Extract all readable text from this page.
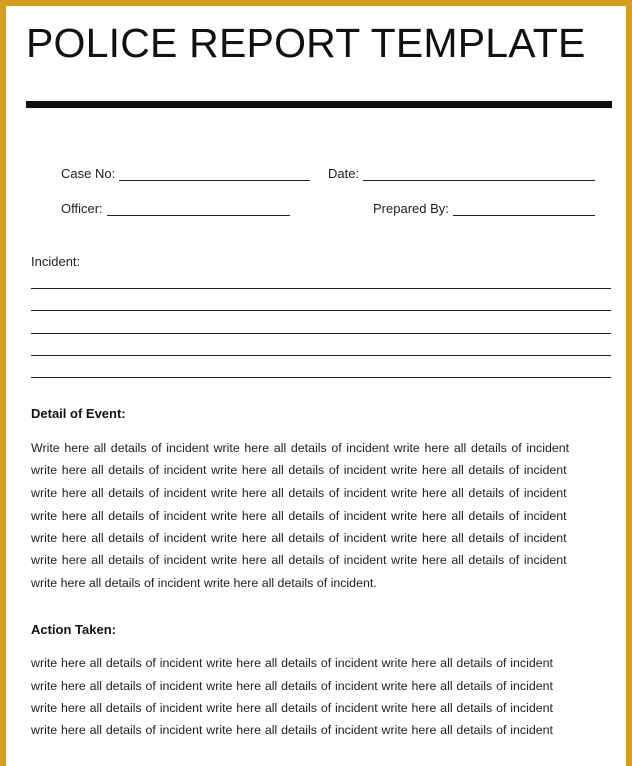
POLICE REPORT TEMPLATE
Case No:	Date:
Officer:	Prepared By:
Incident:
Detail of Event:
Write here all details of incident write here all details of incident write here all details of incident
write here all details of incident write here all details of incident write here all details of incident
write here all details of incident write here all details of incident write here all details of incident
write here all details of incident write here all details of incident write here all details of incident
write here all details of incident write here all details of incident write here all details of incident
write here all details of incident write here all details of incident write here all details of incident
write here all details of incident write here all details of incident.
Action Taken:
write here all details of incident write here all details of incident write here all details of incident
write here all details of incident write here all details of incident write here all details of incident
write here all details of incident write here all details of incident write here all details of incident
write here all details of incident write here all details of incident write here all details of incident
